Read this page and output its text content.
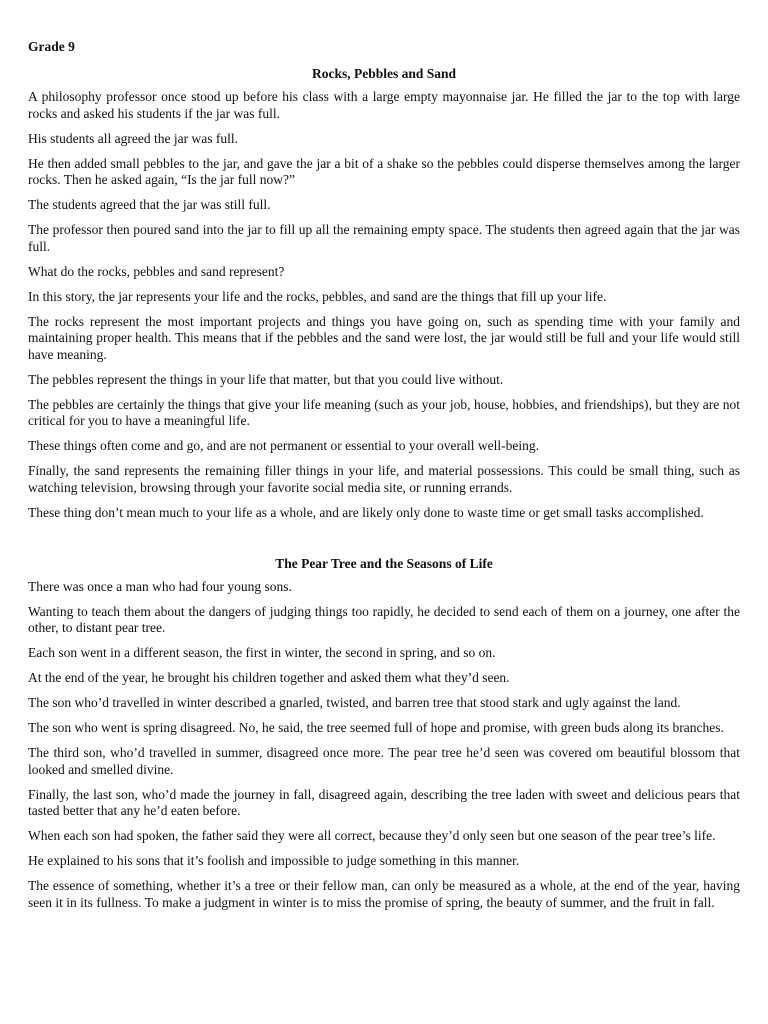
Grade 9
Rocks, Pebbles and Sand

A philosophy professor once stood up before his class with a large empty mayonnaise jar. He filled the jar to the top with large rocks and asked his students if the jar was full.

His students all agreed the jar was full.

He then added small pebbles to the jar, and gave the jar a bit of a shake so the pebbles could disperse themselves among the larger rocks. Then he asked again, “Is the jar full now?”

The students agreed that the jar was still full.

The professor then poured sand into the jar to fill up all the remaining empty space. The students then agreed again that the jar was full.

What do the rocks, pebbles and sand represent?

In this story, the jar represents your life and the rocks, pebbles, and sand are the things that fill up your life.

The rocks represent the most important projects and things you have going on, such as spending time with your family and maintaining proper health. This means that if the pebbles and the sand were lost, the jar would still be full and your life would still have meaning.

The pebbles represent the things in your life that matter, but that you could live without.

The pebbles are certainly the things that give your life meaning (such as your job, house, hobbies, and friendships), but they are not critical for you to have a meaningful life.

These things often come and go, and are not permanent or essential to your overall well-being.

Finally, the sand represents the remaining filler things in your life, and material possessions. This could be small thing, such as watching television, browsing through your favorite social media site, or running errands.

These thing don’t mean much to your life as a whole, and are likely only done to waste time or get small tasks accomplished.

The Pear Tree and the Seasons of Life

There was once a man who had four young sons.

Wanting to teach them about the dangers of judging things too rapidly, he decided to send each of them on a journey, one after the other, to distant pear tree.

Each son went in a different season, the first in winter, the second in spring, and so on.

At the end of the year, he brought his children together and asked them what they’d seen.

The son who’d travelled in winter described a gnarled, twisted, and barren tree that stood stark and ugly against the land.

The son who went is spring disagreed. No, he said, the tree seemed full of hope and promise, with green buds along its branches.

The third son, who’d travelled in summer, disagreed once more. The pear tree he’d seen was covered om beautiful blossom that looked and smelled divine.

Finally, the last son, who’d made the journey in fall, disagreed again, describing the tree laden with sweet and delicious pears that tasted better that any he’d eaten before.

When each son had spoken, the father said they were all correct, because they’d only seen but one season of the pear tree’s life.

He explained to his sons that it’s foolish and impossible to judge something in this manner.

The essence of something, whether it’s a tree or their fellow man, can only be measured as a whole, at the end of the year, having seen it in its fullness. To make a judgment in winter is to miss the promise of spring, the beauty of summer, and the fruit in fall.
